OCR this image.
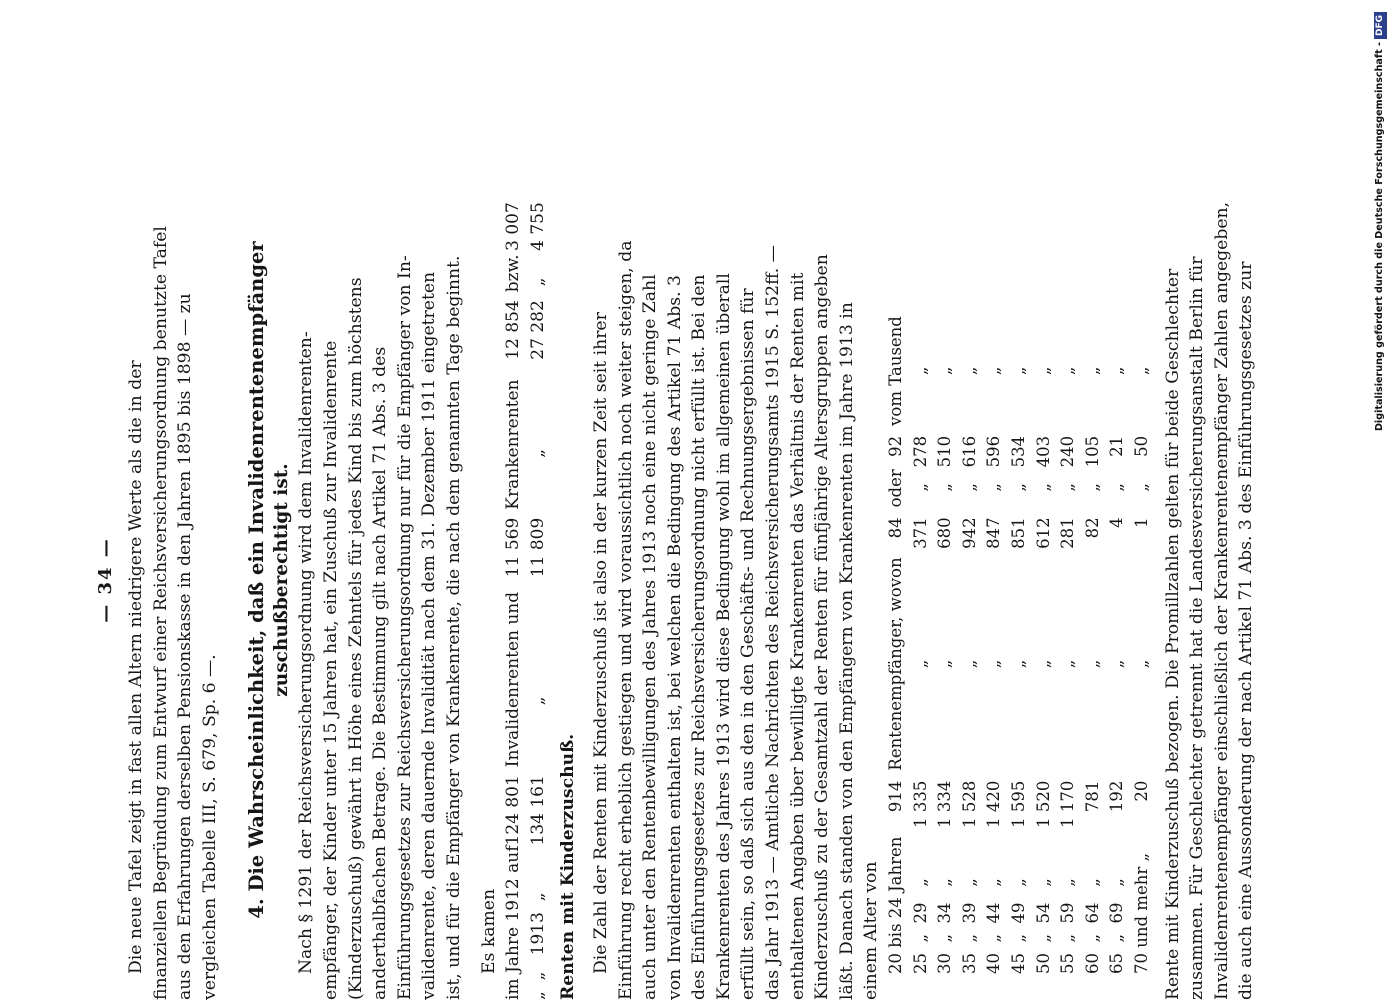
— 34 — Die neue Tafel zeigt in fast allen Altern niedrigere Werte als die in der finanziellen Begründung zum Entwurf einer Reichsversicherungsordnung benutzte Tafel aus den Erfahrungen derselben Pensionskasse in den Jahren 1895 bis 1898 — zu vergleichen Tabelle III, S. 679, Sp. 6 —. 4. Die Wahrscheinlichkeit, daß ein Invalidenrentenempfänger zuschußberechtigt ist. Nach § 1291 der Reichsversicherungsordnung wird dem Invalidenrenten- empfänger, der Kinder unter 15 Jahren hat, ein Zuschuß zur Invalidenrente (Kinderzuschuß) gewährt in Höhe eines Zehntels für jedes Kind bis zum höchstens anderthalbfachen Betrage. Die Bestimmung gilt nach Artikel 71 Abs. 3 des Einführungsgesetzes zur Reichsversicherungsordnung nur für die Empfänger von In- validenrente, deren dauernde Invalidität nach dem 31. Dezember 1911 eingetreten ist, und für die Empfänger von Krankenrente, die nach dem genannten Tage beginnt. Es kamen im Jahre 1912 auf	124 801	Invalidenrenten und	11 569	Krankenrenten	12 854	bzw.	3 007
„  „   1913  „	134 161	„	11 809	„	27 282	„	4 755

Renten mit Kinderzuschuß. Die Zahl der Renten mit Kinderzuschuß ist also in der kurzen Zeit seit ihrer Einführung recht erheblich gestiegen und wird voraussichtlich noch weiter steigen, da auch unter den Rentenbewilligungen des Jahres 1913 noch eine nicht geringe Zahl von Invalidenrenten enthalten ist, bei welchen die Bedingung des Artikel 71 Abs. 3 des Einführungsgesetzes zur Reichsversicherungsordnung nicht erfüllt ist. Bei den Krankenrenten des Jahres 1913 wird diese Bedingung wohl im allgemeinen überall erfüllt sein, so daß sich aus den in den Geschäfts- und Rechnungsergebnissen für das Jahr 1913 — Amtliche Nachrichten des Reichsversicherungsamts 1915 S. 152ff. — enthaltenen Angaben über bewilligte Krankenrenten das Verhältnis der Renten mit Kinderzuschuß zu der Gesamtzahl der Renten für fünfjährige Altersgruppen angeben läßt. Danach standen von den Empfängern von Krankenrenten im Jahre 1913 in einem Alter von 20 bis 24 Jahren	914	Rentenempfänger, wovon	84	oder	92	vom Tausend
25  „  29   „	1 335	„	371	„	278	„
30  „  34   „	1 334	„	680	„	510	„
35  „  39   „	1 528	„	942	„	616	„
40  „  44   „	1 420	„	847	„	596	„
45  „  49   „	1 595	„	851	„	534	„
50  „  54   „	1 520	„	612	„	403	„
55  „  59   „	1 170	„	281	„	240	„
60  „  64   „	781	„	82	„	105	„
65  „  69   „	192	„	4	„	21	„
70 und mehr „	20	„	1	„	50	„ Rente mit Kinderzuschuß bezogen. Die Promillzahlen gelten für beide Geschlechter zusammen. Für Geschlechter getrennt hat die Landesversicherungsanstalt Berlin für Invalidenrentenempfänger einschließlich der Krankenrentenempfänger Zahlen angegeben, die auch eine Aussonderung der nach Artikel 71 Abs. 3 des Einführungsgesetzes zur

Digitalisierung gefördert durch die Deutsche Forschungsgemeinschaft -
DFG
